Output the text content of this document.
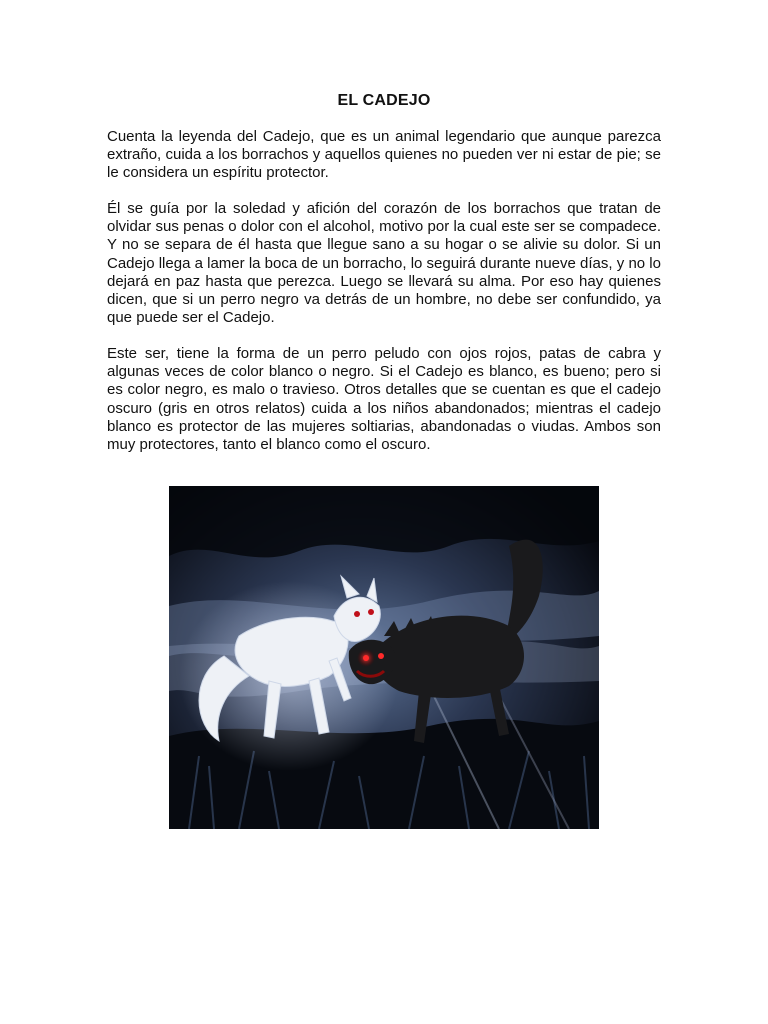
EL CADEJO
Cuenta la leyenda del Cadejo, que es un animal legendario que aunque parezca extraño, cuida a los borrachos y aquellos quienes no pueden ver ni estar de pie; se le considera un espíritu protector.
Él se guía por la soledad y afición del corazón de los borrachos que tratan de olvidar sus penas o dolor con el alcohol, motivo por la cual este ser se compadece. Y no se separa de él hasta que llegue sano a su hogar o se alivie su dolor. Si un Cadejo llega a lamer la boca de un borracho, lo seguirá durante nueve días, y no lo dejará en paz hasta que perezca. Luego se llevará su alma. Por eso hay quienes dicen, que si un perro negro va detrás de un hombre, no debe ser confundido, ya que puede ser el Cadejo.
Este ser, tiene la forma de un perro peludo con ojos rojos, patas de cabra y algunas veces de color blanco o negro. Si el Cadejo es blanco, es bueno; pero si es color negro, es malo o travieso. Otros detalles que se cuentan es que el cadejo oscuro (gris en otros relatos) cuida a los niños abandonados; mientras el cadejo blanco es protector de las mujeres soltiarias, abandonadas o viudas. Ambos son muy protectores, tanto el blanco como el oscuro.
